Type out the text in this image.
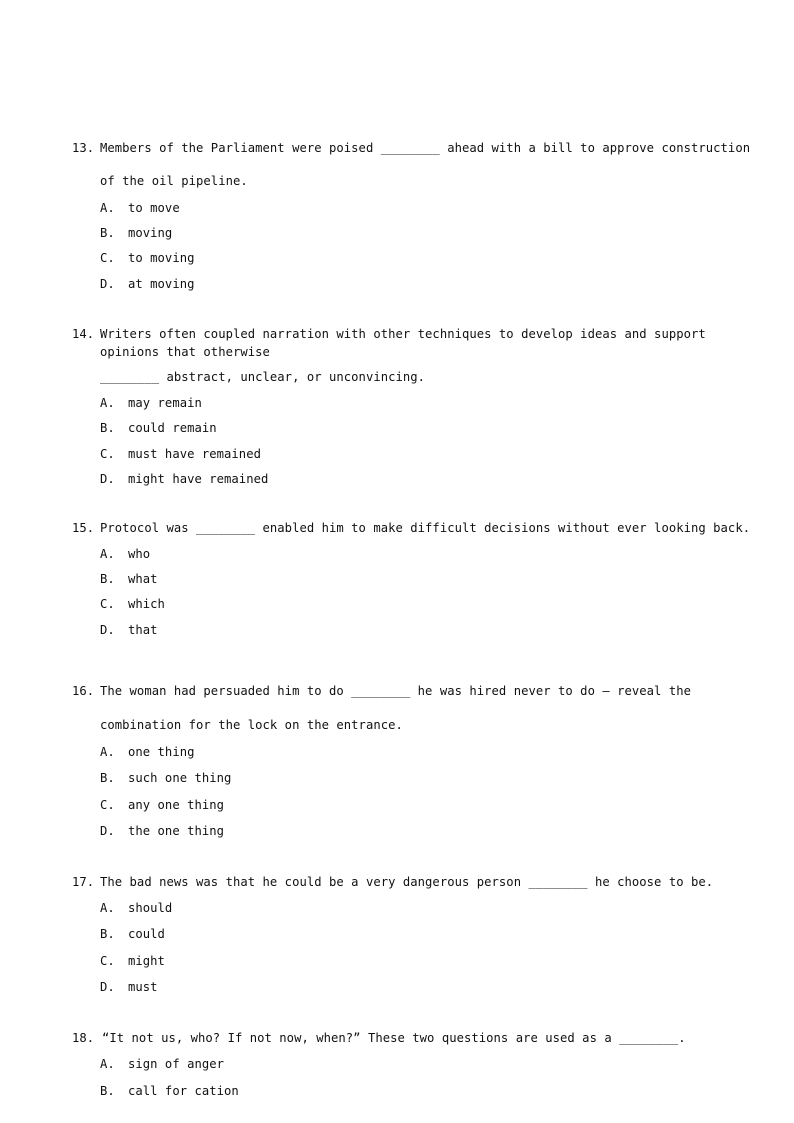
13. Members of the Parliament were poised ________ ahead with a bill to approve construction
of the oil pipeline.
A. to move
B. moving
C. to moving
D. at moving
14. Writers often coupled narration with other techniques to develop ideas and support
opinions that otherwise
________ abstract, unclear, or unconvincing.
A. may remain
B. could remain
C. must have remained
D. might have remained
15. Protocol was ________ enabled him to make difficult decisions without ever looking back.
A. who
B. what
C. which
D. that
16. The woman had persuaded him to do ________ he was hired never to do — reveal the
combination for the lock on the entrance.
A. one thing
B. such one thing
C. any one thing
D. the one thing
17. The bad news was that he could be a very dangerous person ________ he choose to be.
A. should
B. could
C. might
D. must
18. “It not us, who? If not now, when?” These two questions are used as a ________.
A. sign of anger
B. call for cation
